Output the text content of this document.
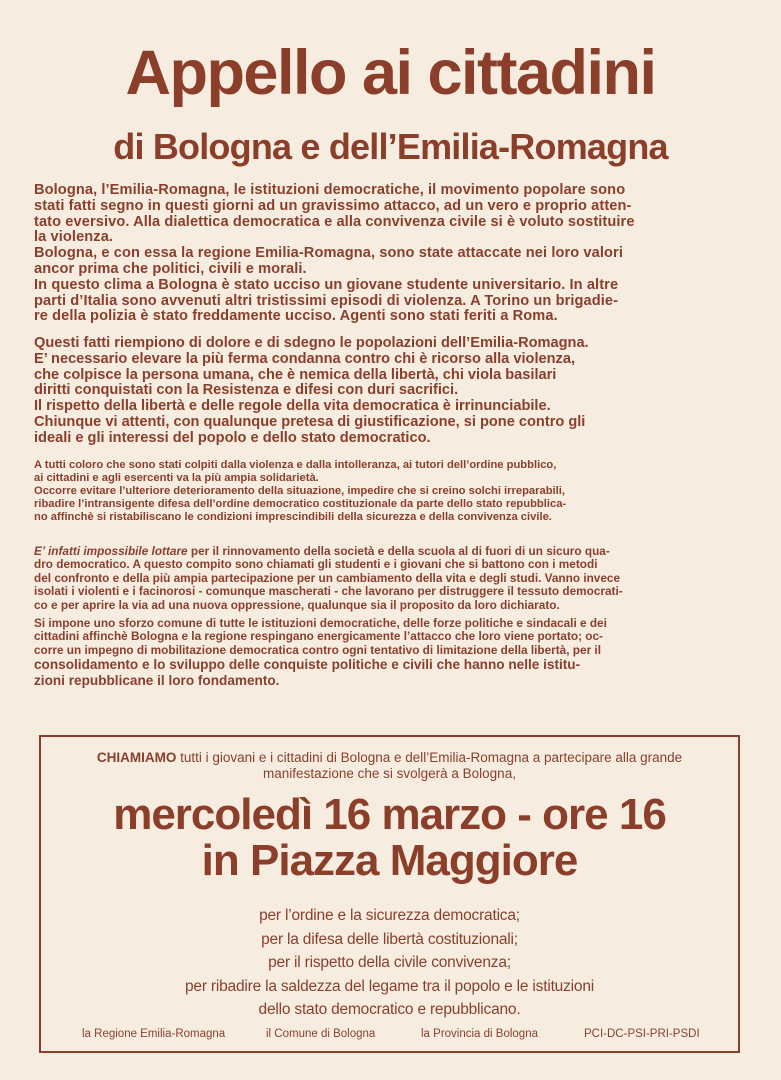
Appello ai cittadini
di Bologna e dell’Emilia-Romagna
Bologna, l’Emilia-Romagna, le istituzioni democratiche, il movimento popolare sono
stati fatti segno in questi giorni ad un gravissimo attacco, ad un vero e proprio atten-
tato eversivo. Alla dialettica democratica e alla convivenza civile si è voluto sostituire
la violenza.
Bologna, e con essa la regione Emilia-Romagna, sono state attaccate nei loro valori
ancor prima che politici, civili e morali.
In questo clima a Bologna è stato ucciso un giovane studente universitario. In altre
parti d’Italia sono avvenuti altri tristissimi episodi di violenza. A Torino un brigadie-
re della polizia è stato freddamente ucciso. Agenti sono stati feriti a Roma.
Questi fatti riempiono di dolore e di sdegno le popolazioni dell’Emilia-Romagna.
E’ necessario elevare la più ferma condanna contro chi è ricorso alla violenza,
che colpisce la persona umana, che è nemica della libertà, chi viola basilari
diritti conquistati con la Resistenza e difesi con duri sacrifici.
Il rispetto della libertà e delle regole della vita democratica è irrinunciabile.
Chiunque vi attenti, con qualunque pretesa di giustificazione, si pone contro gli
ideali e gli interessi del popolo e dello stato democratico.
A tutti coloro che sono stati colpiti dalla violenza e dalla intolleranza, ai tutori dell’ordine pubblico,
ai cittadini e agli esercenti va la più ampia solidarietà.
Occorre evitare l’ulteriore deterioramento della situazione, impedire che si creino solchi irreparabili,
ribadire l’intransigente difesa dell’ordine democratico costituzionale da parte dello stato repubblica-
no affinchè si ristabiliscano le condizioni imprescindibili della sicurezza e della convivenza civile.
E’ infatti impossibile lottare per il rinnovamento della società e della scuola al di fuori di un sicuro qua-
dro democratico. A questo compito sono chiamati gli studenti e i giovani che si battono con i metodi
del confronto e della più ampia partecipazione per un cambiamento della vita e degli studi. Vanno invece
isolati i violenti e i facinorosi - comunque mascherati - che lavorano per distruggere il tessuto democrati-
co e per aprire la via ad una nuova oppressione, qualunque sia il proposito da loro dichiarato.
Si impone uno sforzo comune di tutte le istituzioni democratiche, delle forze politiche e sindacali e dei
cittadini affinchè Bologna e la regione respingano energicamente l’attacco che loro viene portato; oc-
corre un impegno di mobilitazione democratica contro ogni tentativo di limitazione della libertà, per il
consolidamento e lo sviluppo delle conquiste politiche e civili che hanno nelle istitu-
zioni repubblicane il loro fondamento.
CHIAMIAMO tutti i giovani e i cittadini di Bologna e dell’Emilia-Romagna a partecipare alla grande
manifestazione che si svolgerà a Bologna,
mercoledì 16 marzo - ore 16
in Piazza Maggiore
per l’ordine e la sicurezza democratica;
per la difesa delle libertà costituzionali;
per il rispetto della civile convivenza;
per ribadire la saldezza del legame tra il popolo e le istituzioni
dello stato democratico e repubblicano.
la Regione Emilia-Romagna	il Comune di Bologna	la Provincia di Bologna	PCI-DC-PSI-PRI-PSDI
